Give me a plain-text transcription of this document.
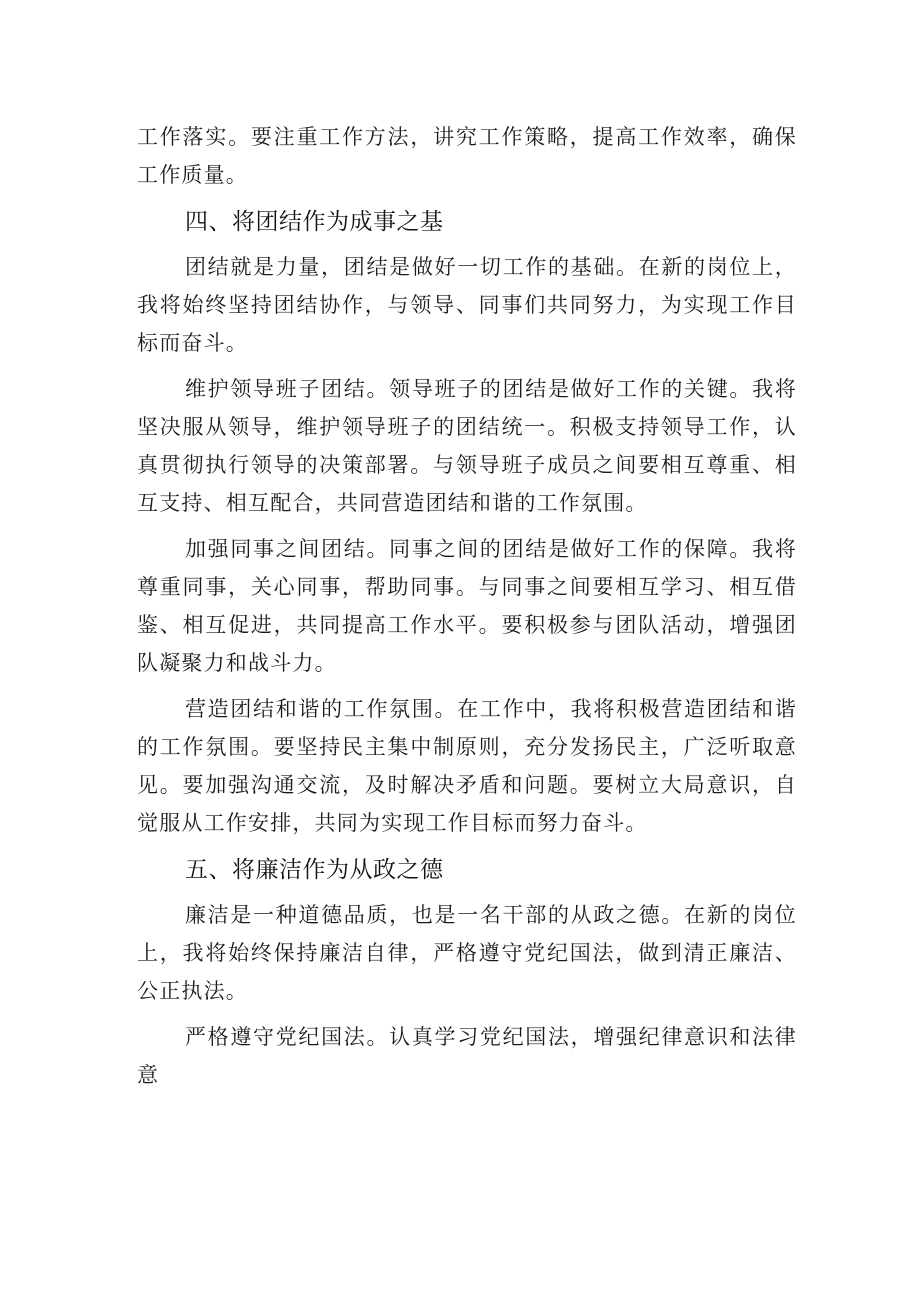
工作落实。要注重工作方法，讲究工作策略，提高工作效率，确保工作质量。

四、将团结作为成事之基

团结就是力量，团结是做好一切工作的基础。在新的岗位上，我将始终坚持团结协作，与领导、同事们共同努力，为实现工作目标而奋斗。

维护领导班子团结。领导班子的团结是做好工作的关键。我将坚决服从领导，维护领导班子的团结统一。积极支持领导工作，认真贯彻执行领导的决策部署。与领导班子成员之间要相互尊重、相互支持、相互配合，共同营造团结和谐的工作氛围。

加强同事之间团结。同事之间的团结是做好工作的保障。我将尊重同事，关心同事，帮助同事。与同事之间要相互学习、相互借鉴、相互促进，共同提高工作水平。要积极参与团队活动，增强团队凝聚力和战斗力。

营造团结和谐的工作氛围。在工作中，我将积极营造团结和谐的工作氛围。要坚持民主集中制原则，充分发扬民主，广泛听取意见。要加强沟通交流，及时解决矛盾和问题。要树立大局意识，自觉服从工作安排，共同为实现工作目标而努力奋斗。

五、将廉洁作为从政之德

廉洁是一种道德品质，也是一名干部的从政之德。在新的岗位上，我将始终保持廉洁自律，严格遵守党纪国法，做到清正廉洁、公正执法。

严格遵守党纪国法。认真学习党纪国法，增强纪律意识和法律意
